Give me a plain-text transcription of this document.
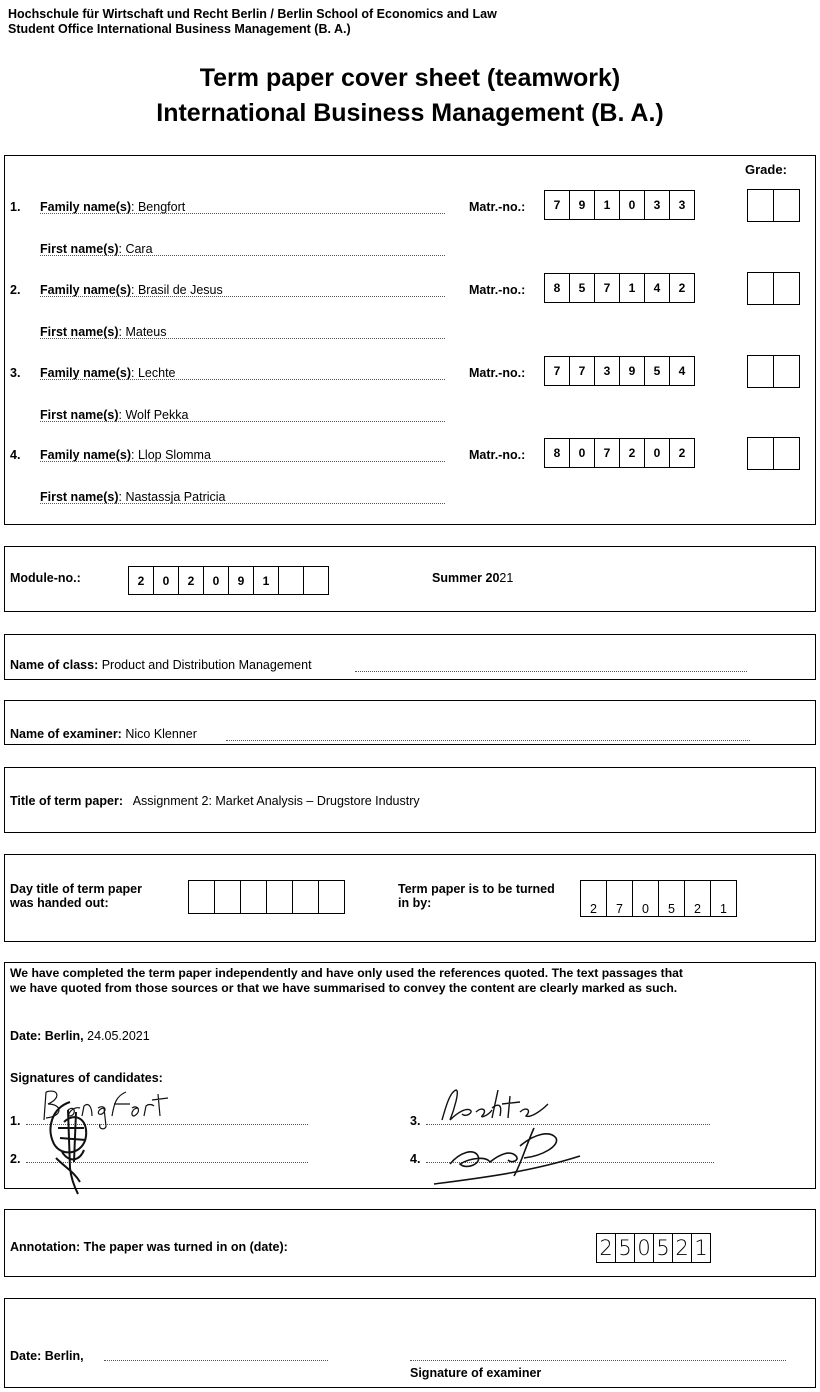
Hochschule für Wirtschaft und Recht Berlin / Berlin School of Economics and Law
Student Office International Business Management (B. A.)
Term paper cover sheet (teamwork)
International Business Management (B. A.)
Grade:
1. Family name(s): Bengfort
First name(s): Cara
Matr.-no.:	7	9	1	0	3	3
2. Family name(s): Brasil de Jesus
First name(s): Mateus
Matr.-no.:	8	5	7	1	4	2
3. Family name(s): Lechte
First name(s): Wolf Pekka
Matr.-no.:	7	7	3	9	5	4
4. Family name(s): Llop Slomma
First name(s): Nastassja Patricia
Matr.-no.:	8	0	7	2	0	2
Module-no.:	2	0	2	0	9	1	Summer 2021
Name of class: Product and Distribution Management
Name of examiner: Nico Klenner
Title of term paper: Assignment 2: Market Analysis – Drugstore Industry
Day title of term paper
was handed out:
Term paper is to be turned
in by:	2	7	0	5	2	1
We have completed the term paper independently and have only used the references quoted. The text passages that
we have quoted from those sources or that we have summarised to convey the content are clearly marked as such.
Date: Berlin, 24.05.2021
Signatures of candidates:
1.
2.
3.
4.
Annotation: The paper was turned in on (date):	2 5 0 5 2 1
Date: Berlin,
Signature of examiner
